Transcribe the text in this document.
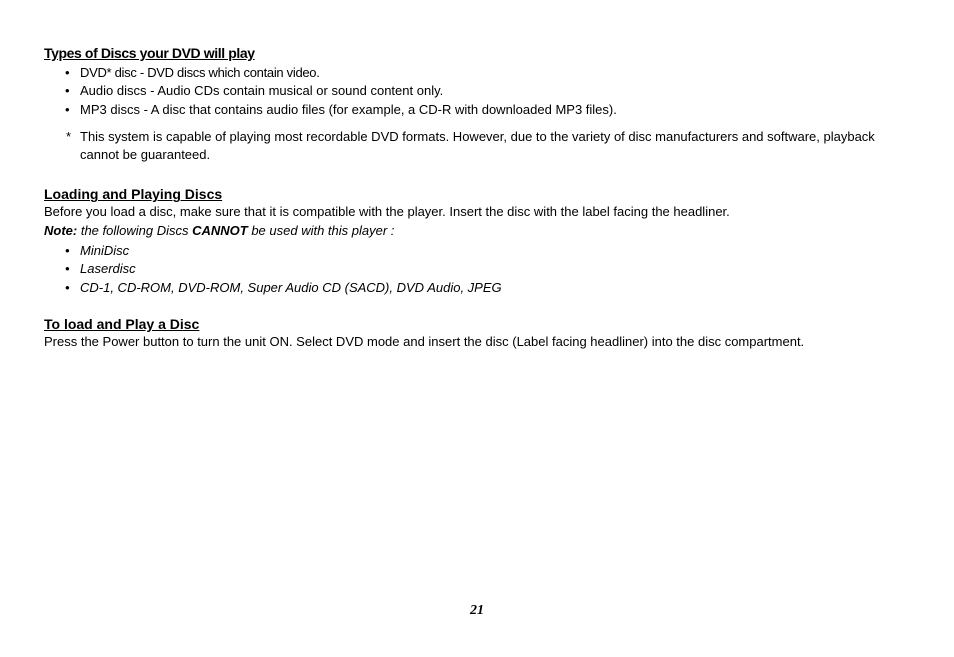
Types of Discs your DVD will play

• DVD* disc - DVD discs which contain video.
• Audio discs - Audio CDs contain musical or sound content only.
• MP3 discs - A disc that contains audio files (for example, a CD-R with downloaded MP3 files).
* This system is capable of playing most recordable DVD formats. However, due to the variety of disc manufacturers and software, playback cannot be guaranteed.

Loading and Playing Discs

Before you load a disc, make sure that it is compatible with the player. Insert the disc with the label facing the headliner.

Note: the following Discs CANNOT be used with this player :

• MiniDisc
• Laserdisc
• CD-1, CD-ROM, DVD-ROM, Super Audio CD (SACD), DVD Audio, JPEG

To load and Play a Disc

Press the Power button to turn the unit ON. Select DVD mode and insert the disc (Label facing headliner) into the disc compartment.

21
